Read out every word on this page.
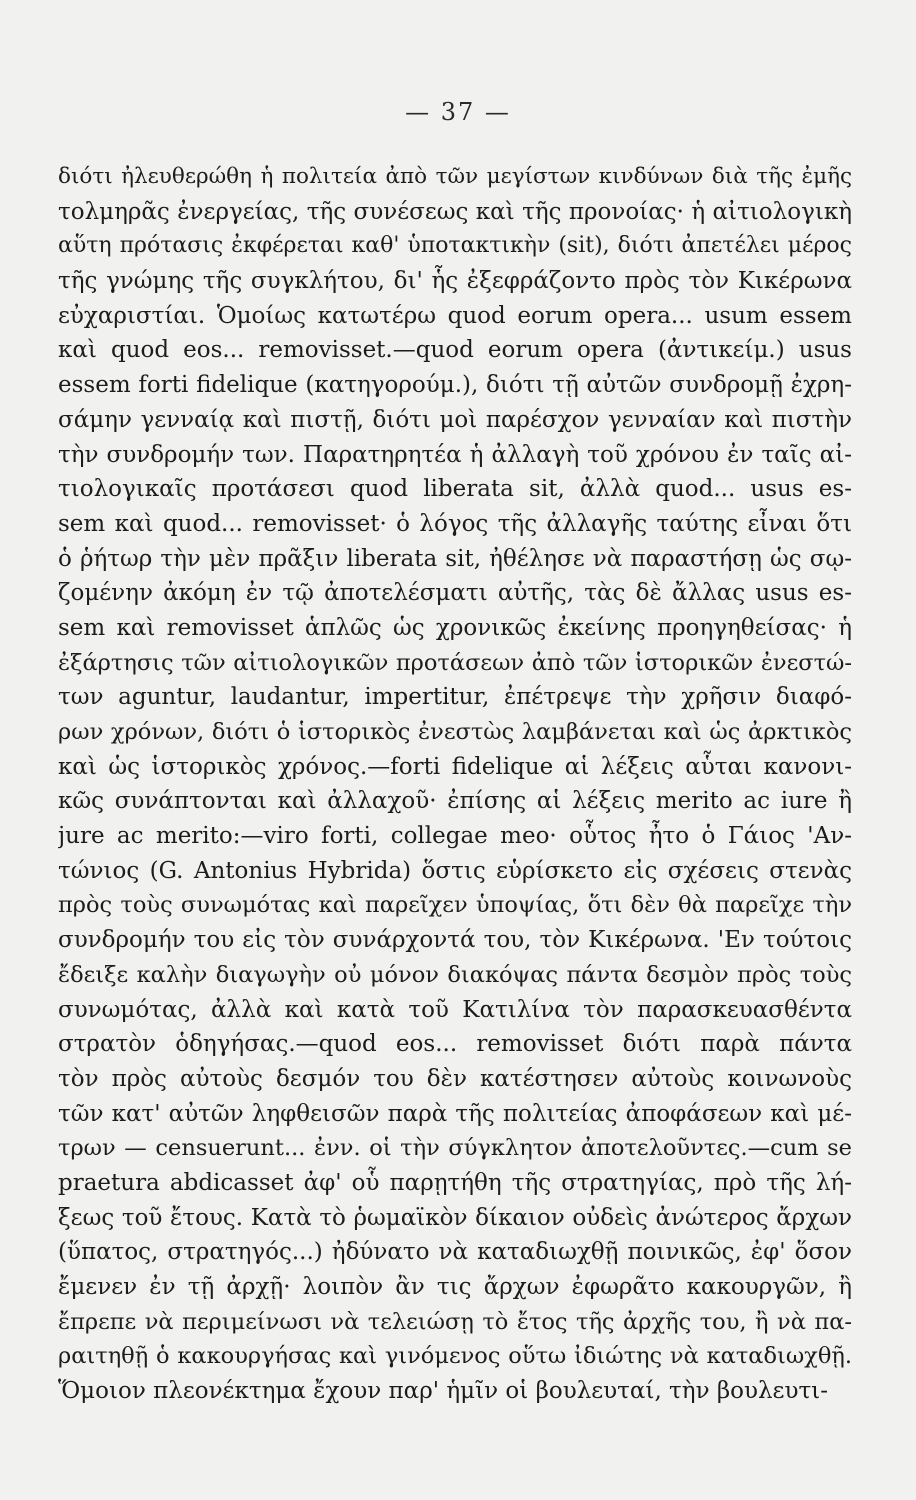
— 37 —
διότι ἠλευθερώθη ἡ πολιτεία ἀπὸ τῶν μεγίστων κινδύνων διὰ τῆς ἐμῆς
τολμηρᾶς ἐνεργείας, τῆς συνέσεως καὶ τῆς προνοίας· ἡ αἰτιολογικὴ
αὕτη πρότασις ἐκφέρεται καθ' ὑποτακτικὴν (sit), διότι ἀπετέλει μέρος
τῆς γνώμης τῆς συγκλήτου, δι' ἧς ἐξεφράζοντο πρὸς τὸν Κικέρωνα
εὐχαριστίαι. Ὁμοίως κατωτέρω quod eorum opera... usum essem
καὶ quod eos... removisset.—quod eorum opera (ἀντικείμ.) usus
essem forti fidelique (κατηγορούμ.), διότι τῇ αὐτῶν συνδρομῇ ἐχρη-
σάμην γενναίᾳ καὶ πιστῇ, διότι μοὶ παρέσχον γενναίαν καὶ πιστὴν
τὴν συνδρομήν των. Παρατηρητέα ἡ ἀλλαγὴ τοῦ χρόνου ἐν ταῖς αἰ-
τιολογικαῖς προτάσεσι quod liberata sit, ἀλλὰ quod... usus es-
sem καὶ quod... removisset· ὁ λόγος τῆς ἀλλαγῆς ταύτης εἶναι ὅτι
ὁ ῥήτωρ τὴν μὲν πρᾶξιν liberata sit, ἠθέλησε νὰ παραστήσῃ ὡς σῳ-
ζομένην ἀκόμη ἐν τῷ ἀποτελέσματι αὐτῆς, τὰς δὲ ἄλλας usus es-
sem καὶ removisset ἁπλῶς ὡς χρονικῶς ἐκείνης προηγηθείσας· ἡ
ἐξάρτησις τῶν αἰτιολογικῶν προτάσεων ἀπὸ τῶν ἱστορικῶν ἐνεστώ-
των aguntur, laudantur, impertitur, ἐπέτρεψε τὴν χρῆσιν διαφό-
ρων χρόνων, διότι ὁ ἱστορικὸς ἐνεστὼς λαμβάνεται καὶ ὡς ἀρκτικὸς
καὶ ὡς ἱστορικὸς χρόνος.—forti fidelique αἱ λέξεις αὗται κανονι-
κῶς συνάπτονται καὶ ἀλλαχοῦ· ἐπίσης αἱ λέξεις merito ac iure ἢ
jure ac merito:—viro forti, collegae meo· οὗτος ἦτο ὁ Γάιος 'Αν-
τώνιος (G. Antonius Hybrida) ὅστις εὑρίσκετο εἰς σχέσεις στενὰς
πρὸς τοὺς συνωμότας καὶ παρεῖχεν ὑποψίας, ὅτι δὲν θὰ παρεῖχε τὴν
συνδρομήν του εἰς τὸν συνάρχοντά του, τὸν Κικέρωνα. 'Εν τούτοις
ἔδειξε καλὴν διαγωγὴν οὐ μόνον διακόψας πάντα δεσμὸν πρὸς τοὺς
συνωμότας, ἀλλὰ καὶ κατὰ τοῦ Κατιλίνα τὸν παρασκευασθέντα
στρατὸν ὁδηγήσας.—quod eos... removisset διότι παρὰ πάντα
τὸν πρὸς αὐτοὺς δεσμόν του δὲν κατέστησεν αὐτοὺς κοινωνοὺς
τῶν κατ' αὐτῶν ληφθεισῶν παρὰ τῆς πολιτείας ἀποφάσεων καὶ μέ-
τρων — censuerunt... ἐνν. οἱ τὴν σύγκλητον ἀποτελοῦντες.—cum se
praetura abdicasset ἀφ' οὗ παρῃτήθη τῆς στρατηγίας, πρὸ τῆς λή-
ξεως τοῦ ἔτους. Κατὰ τὸ ῥωμαϊκὸν δίκαιον οὐδεὶς ἀνώτερος ἄρχων
(ὕπατος, στρατηγός...) ἠδύνατο νὰ καταδιωχθῇ ποινικῶς, ἐφ' ὅσον
ἔμενεν ἐν τῇ ἀρχῇ· λοιπὸν ἂν τις ἄρχων ἐφωρᾶτο κακουργῶν, ἢ
ἔπρεπε νὰ περιμείνωσι νὰ τελειώσῃ τὸ ἔτος τῆς ἀρχῆς του, ἢ νὰ πα-
ραιτηθῇ ὁ κακουργήσας καὶ γινόμενος οὕτω ἰδιώτης νὰ καταδιωχθῇ.
Ὅμοιον πλεονέκτημα ἔχουν παρ' ἡμῖν οἱ βουλευταί, τὴν βουλευτι-
